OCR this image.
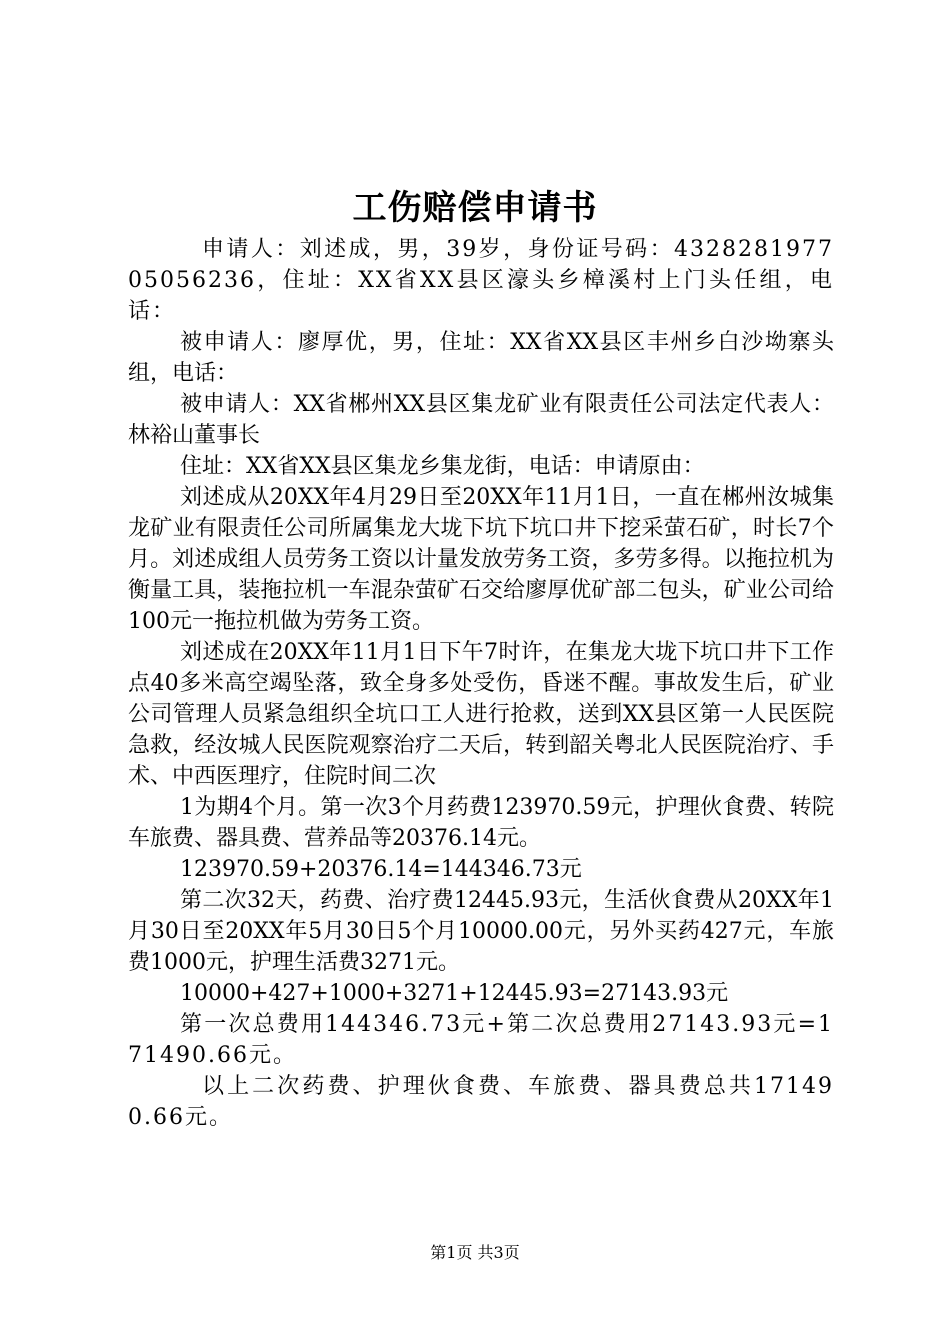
工伤赔偿申请书

申请人：刘述成，男，39岁，身份证号码：432828197705056236，住址：XX省XX县区濠头乡樟溪村上门头任组，电话：

被申请人：廖厚优，男，住址：XX省XX县区丰州乡白沙坳寨头组，电话：

被申请人：XX省郴州XX县区集龙矿业有限责任公司法定代表人：林裕山董事长

住址：XX省XX县区集龙乡集龙街，电话：申请原由：

刘述成从20XX年4月29日至20XX年11月1日，一直在郴州汝城集龙矿业有限责任公司所属集龙大垅下坑下坑口井下挖采萤石矿，时长7个月。刘述成组人员劳务工资以计量发放劳务工资，多劳多得。以拖拉机为衡量工具，装拖拉机一车混杂萤矿石交给廖厚优矿部二包头，矿业公司给100元一拖拉机做为劳务工资。

刘述成在20XX年11月1日下午7时许，在集龙大垅下坑口井下工作点40多米高空竭坠落，致全身多处受伤，昏迷不醒。事故发生后，矿业公司管理人员紧急组织全坑口工人进行抢救，送到XX县区第一人民医院急救，经汝城人民医院观察治疗二天后，转到韶关粤北人民医院治疗、手术、中西医理疗，住院时间二次

1为期4个月。第一次3个月药费123970.59元，护理伙食费、转院车旅费、器具费、营养品等20376.14元。

123970.59+20376.14=144346.73元

第二次32天，药费、治疗费12445.93元，生活伙食费从20XX年1月30日至20XX年5月30日5个月10000.00元，另外买药427元，车旅费1000元，护理生活费3271元。

10000+427+1000+3271+12445.93=27143.93元

第一次总费用144346.73元+第二次总费用27143.93元=171490.66元。

以上二次药费、护理伙食费、车旅费、器具费总共171490.66元。

第1页 共3页
